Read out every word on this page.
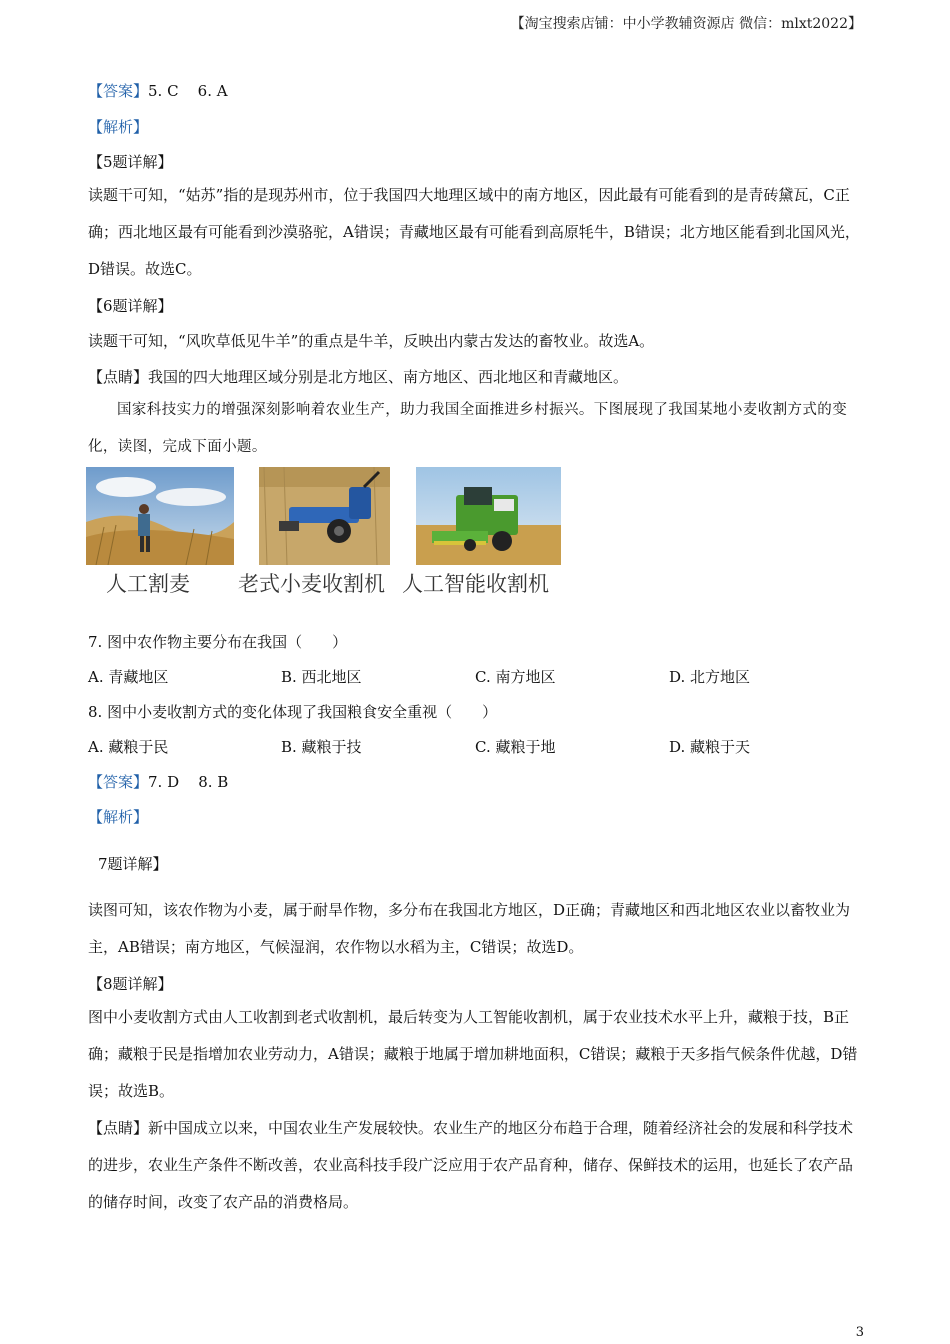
【淘宝搜索店铺：中小学教辅资源店 微信：mlxt2022】
【答案】5. C    6. A
【解析】
【5题详解】
读题干可知，“姑苏”指的是现苏州市，位于我国四大地理区域中的南方地区，因此最有可能看到的是青砖黛瓦，C正确；西北地区最有可能看到沙漠骆驼，A错误；青藏地区最有可能看到高原牦牛，B错误；北方地区能看到北国风光，D错误。故选C。
【6题详解】
读题干可知，“风吹草低见牛羊”的重点是牛羊，反映出内蒙古发达的畜牧业。故选A。
【点睛】我国的四大地理区域分别是北方地区、南方地区、西北地区和青藏地区。
国家科技实力的增强深刻影响着农业生产，助力我国全面推进乡村振兴。下图展现了我国某地小麦收割方式的变化，读图，完成下面小题。
人工割麦 老式小麦收割机 人工智能收割机
7. 图中农作物主要分布在我国（　　）
A. 青藏地区	B. 西北地区	C. 南方地区	D. 北方地区
8. 图中小麦收割方式的变化体现了我国粮食安全重视（　　）
A. 藏粮于民	B. 藏粮于技	C. 藏粮于地	D. 藏粮于天
【答案】7. D    8. B
【解析】
7题详解】
读图可知，该农作物为小麦，属于耐旱作物，多分布在我国北方地区，D正确；青藏地区和西北地区农业以畜牧业为主，AB错误；南方地区，气候湿润，农作物以水稻为主，C错误；故选D。
【8题详解】
图中小麦收割方式由人工收割到老式收割机，最后转变为人工智能收割机，属于农业技术水平上升，藏粮于技，B正确；藏粮于民是指增加农业劳动力，A错误；藏粮于地属于增加耕地面积，C错误；藏粮于天多指气候条件优越，D错误；故选B。
【点睛】新中国成立以来，中国农业生产发展较快。农业生产的地区分布趋于合理，随着经济社会的发展和科学技术的进步，农业生产条件不断改善，农业高科技手段广泛应用于农产品育种，储存、保鲜技术的运用，也延长了农产品的储存时间，改变了农产品的消费格局。
3
